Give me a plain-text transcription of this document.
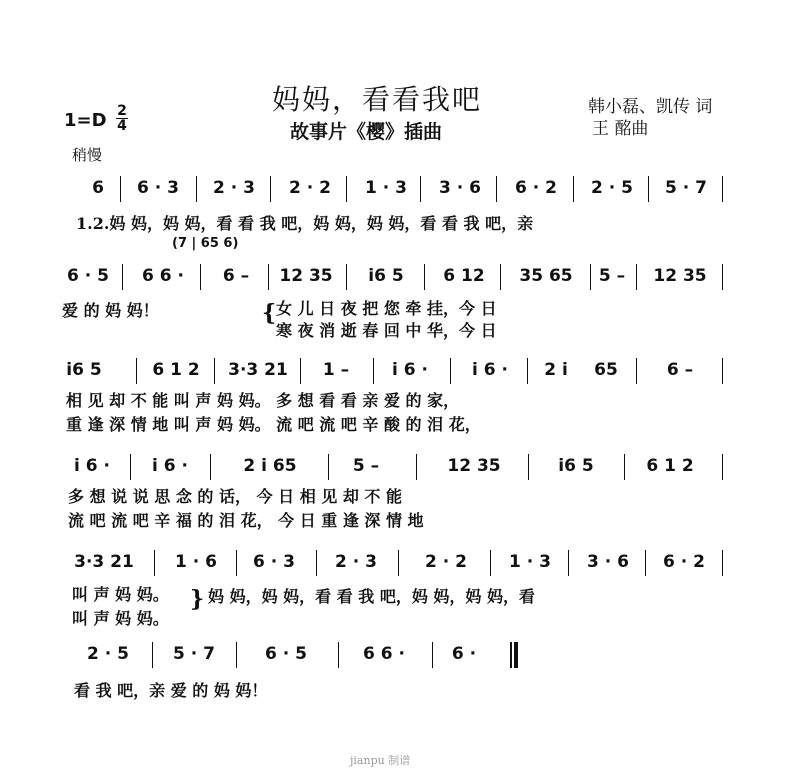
妈妈，看看我吧
故事片《樱》插曲
韩小磊、凯传 词
王 酩曲
1=D 2
4
稍慢
6 6 · 3 2 · 3 2 · 2 1 · 3 3 · 6 6 · 2 2 · 5 5 · 7
1.2.妈 妈，妈 妈，看 看 我 吧，妈 妈，妈 妈，看 看 我 吧，亲
(7 | 65 6)
6 · 5 6 6 · 6 – 12 35 i6 5 6 12 35 65 5 – 12 35
爱 的 妈 妈！	{ 女 儿 日 夜 把 您 牵 挂，今 日
寒 夜 消 逝 春 回 中 华，今 日
i6 5	6 1 2 3·3 21 1 –	i 6 ·	i 6 · 2 i 65	6 –
相 见 却 不 能 叫 声 妈 妈。 多 想 看 看 亲 爱 的 家，
重 逢 深 情 地 叫 声 妈 妈。 流 吧 流 吧 辛 酸 的 泪 花，
i 6 · i 6 ·	2 i 65	5 –	12 35	i6 5	6 1 2
多 想 说 说 思 念 的 话， 今 日 相 见 却 不 能
流 吧 流 吧 辛 福 的 泪 花， 今 日 重 逢 深 情 地
3·3 21 1 · 6 6 · 3 2 · 3	2 · 2 1 · 3 3 · 6 6 · 2
叫 声 妈 妈。
叫 声 妈 妈。
} 妈 妈，妈 妈，看 看 我 吧，妈 妈，妈 妈，看
2 · 5	5 · 7	6 · 5	6 6 ·	6 ·
看 我 吧，亲 爱 的 妈 妈！
jianpu 制谱
